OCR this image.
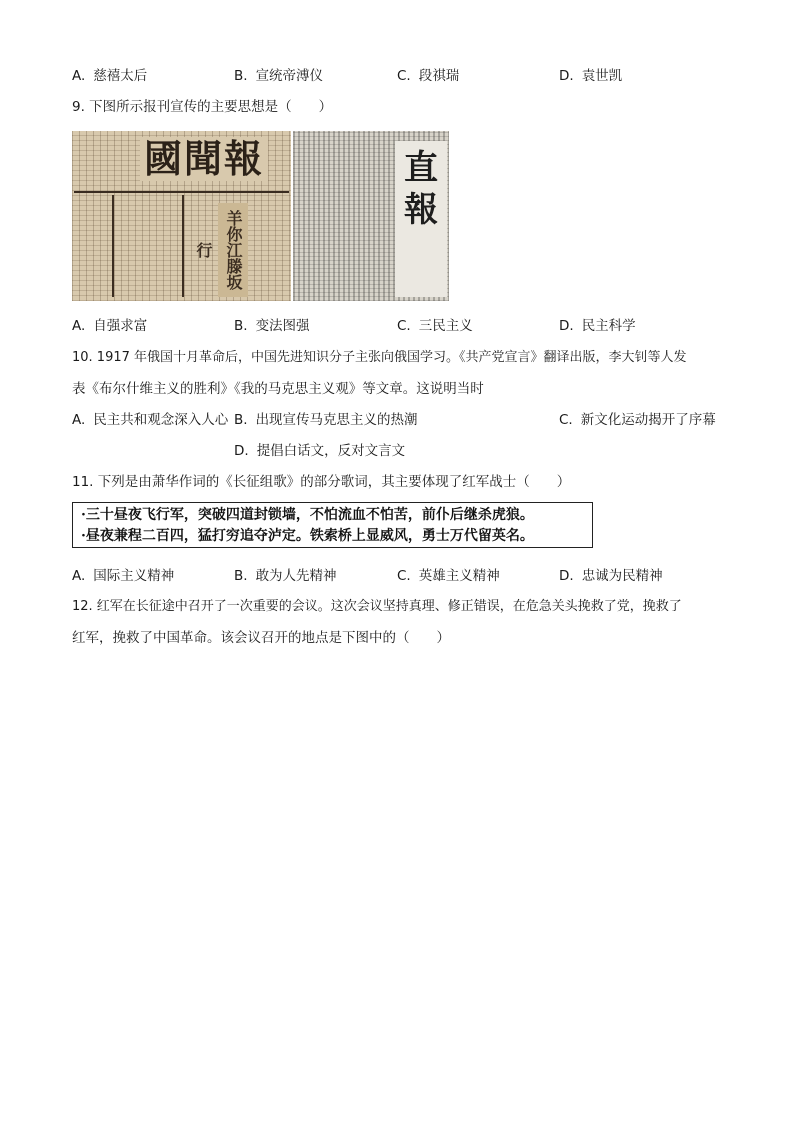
A. 慈禧太后	B. 宣统帝溥仪	C. 段祺瑞	D. 袁世凯
9. 下图所示报刊宣传的主要思想是（　　）
國聞報
羊你江滕坂行
直報
A. 自强求富	B. 变法图强	C. 三民主义	D. 民主科学
10. 1917 年俄国十月革命后，中国先进知识分子主张向俄国学习。《共产党宣言》翻译出版，李大钊等人发
表《布尔什维主义的胜利》《我的马克思主义观》等文章。这说明当时
A. 民主共和观念深入人心 B. 出现宣传马克思主义的热潮	C. 新文化运动揭开了序幕
D. 提倡白话文，反对文言文
11. 下列是由萧华作词的《长征组歌》的部分歌词，其主要体现了红军战士（　　）
·三十昼夜飞行军，突破四道封锁墙，不怕流血不怕苦，前仆后继杀虎狼。
·昼夜兼程二百四，猛打穷追夺泸定。铁索桥上显威风，勇士万代留英名。
A. 国际主义精神	B. 敢为人先精神	C. 英雄主义精神	D. 忠诚为民精神
12. 红军在长征途中召开了一次重要的会议。这次会议坚持真理、修正错误，在危急关头挽救了党，挽救了
红军，挽救了中国革命。该会议召开的地点是下图中的（　　）
